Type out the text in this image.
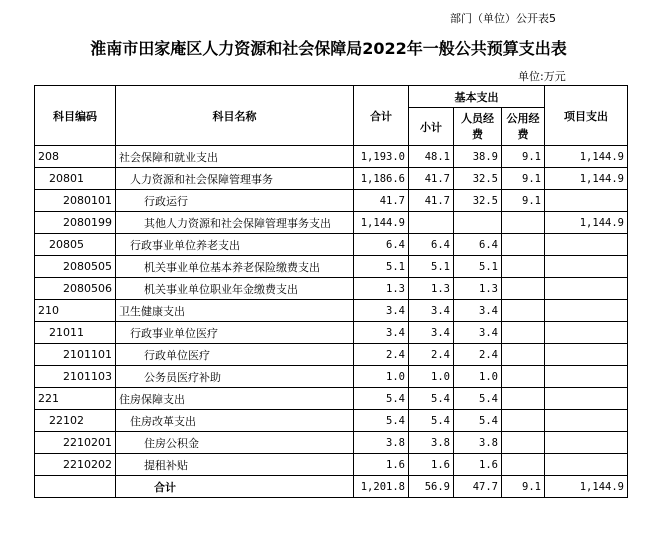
部门（单位）公开表5
淮南市田家庵区人力资源和社会保障局2022年一般公共预算支出表
单位:万元
科目编码	科目名称	合计	基本支出			项目支出
			小计	人员经费	公用经费	
208	社会保障和就业支出	1,193.0	48.1	38.9	9.1	1,144.9
20801	人力资源和社会保障管理事务	1,186.6	41.7	32.5	9.1	1,144.9
2080101	行政运行	41.7	41.7	32.5	9.1	
2080199	其他人力资源和社会保障管理事务支出	1,144.9				1,144.9
20805	行政事业单位养老支出	6.4	6.4	6.4		
2080505	机关事业单位基本养老保险缴费支出	5.1	5.1	5.1		
2080506	机关事业单位职业年金缴费支出	1.3	1.3	1.3		
210	卫生健康支出	3.4	3.4	3.4		
21011	行政事业单位医疗	3.4	3.4	3.4		
2101101	行政单位医疗	2.4	2.4	2.4		
2101103	公务员医疗补助	1.0	1.0	1.0		
221	住房保障支出	5.4	5.4	5.4		
22102	住房改革支出	5.4	5.4	5.4		
2210201	住房公积金	3.8	3.8	3.8		
2210202	提租补贴	1.6	1.6	1.6		
	合计	1,201.8	56.9	47.7	9.1	1,144.9
